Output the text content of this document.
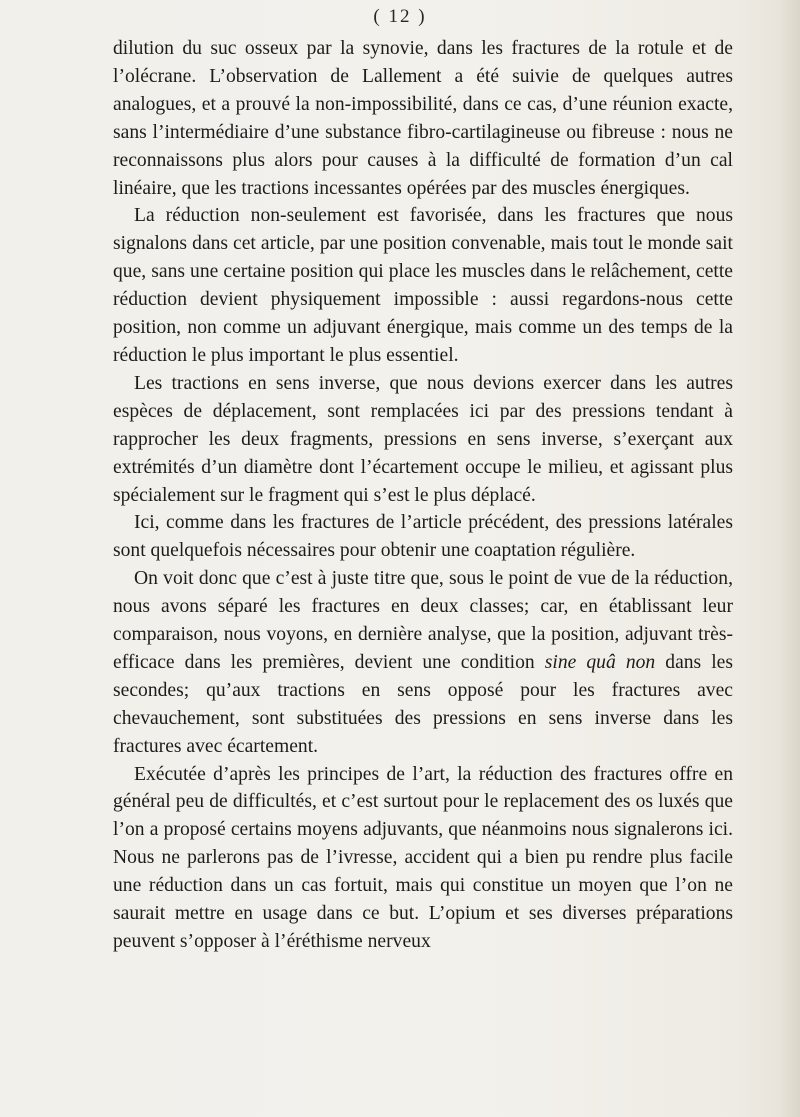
( 12 )

dilution du suc osseux par la synovie, dans les fractures de la rotule et de l’olécrane. L’observation de Lallement a été suivie de quelques autres analogues, et a prouvé la non-impossibilité, dans ce cas, d’une réunion exacte, sans l’intermédiaire d’une substance fibro-cartilagineuse ou fibreuse : nous ne reconnaissons plus alors pour causes à la difficulté de formation d’un cal linéaire, que les tractions incessantes opérées par des muscles énergiques.

La réduction non-seulement est favorisée, dans les fractures que nous signalons dans cet article, par une position convenable, mais tout le monde sait que, sans une certaine position qui place les muscles dans le relâchement, cette réduction devient physiquement impossible : aussi regardons-nous cette position, non comme un adjuvant énergique, mais comme un des temps de la réduction le plus important le plus essentiel.

Les tractions en sens inverse, que nous devions exercer dans les autres espèces de déplacement, sont remplacées ici par des pressions tendant à rapprocher les deux fragments, pressions en sens inverse, s’exerçant aux extrémités d’un diamètre dont l’écartement occupe le milieu, et agissant plus spécialement sur le fragment qui s’est le plus déplacé.

Ici, comme dans les fractures de l’article précédent, des pressions latérales sont quelquefois nécessaires pour obtenir une coaptation régulière.

On voit donc que c’est à juste titre que, sous le point de vue de la réduction, nous avons séparé les fractures en deux classes; car, en établissant leur comparaison, nous voyons, en dernière analyse, que la position, adjuvant très-efficace dans les premières, devient une condition sine quâ non dans les secondes; qu’aux tractions en sens opposé pour les fractures avec chevauchement, sont substituées des pressions en sens inverse dans les fractures avec écartement.

Exécutée d’après les principes de l’art, la réduction des fractures offre en général peu de difficultés, et c’est surtout pour le replacement des os luxés que l’on a proposé certains moyens adjuvants, que néanmoins nous signalerons ici. Nous ne parlerons pas de l’ivresse, accident qui a bien pu rendre plus facile une réduction dans un cas fortuit, mais qui constitue un moyen que l’on ne saurait mettre en usage dans ce but. L’opium et ses diverses préparations peuvent s’opposer à l’éréthisme nerveux
